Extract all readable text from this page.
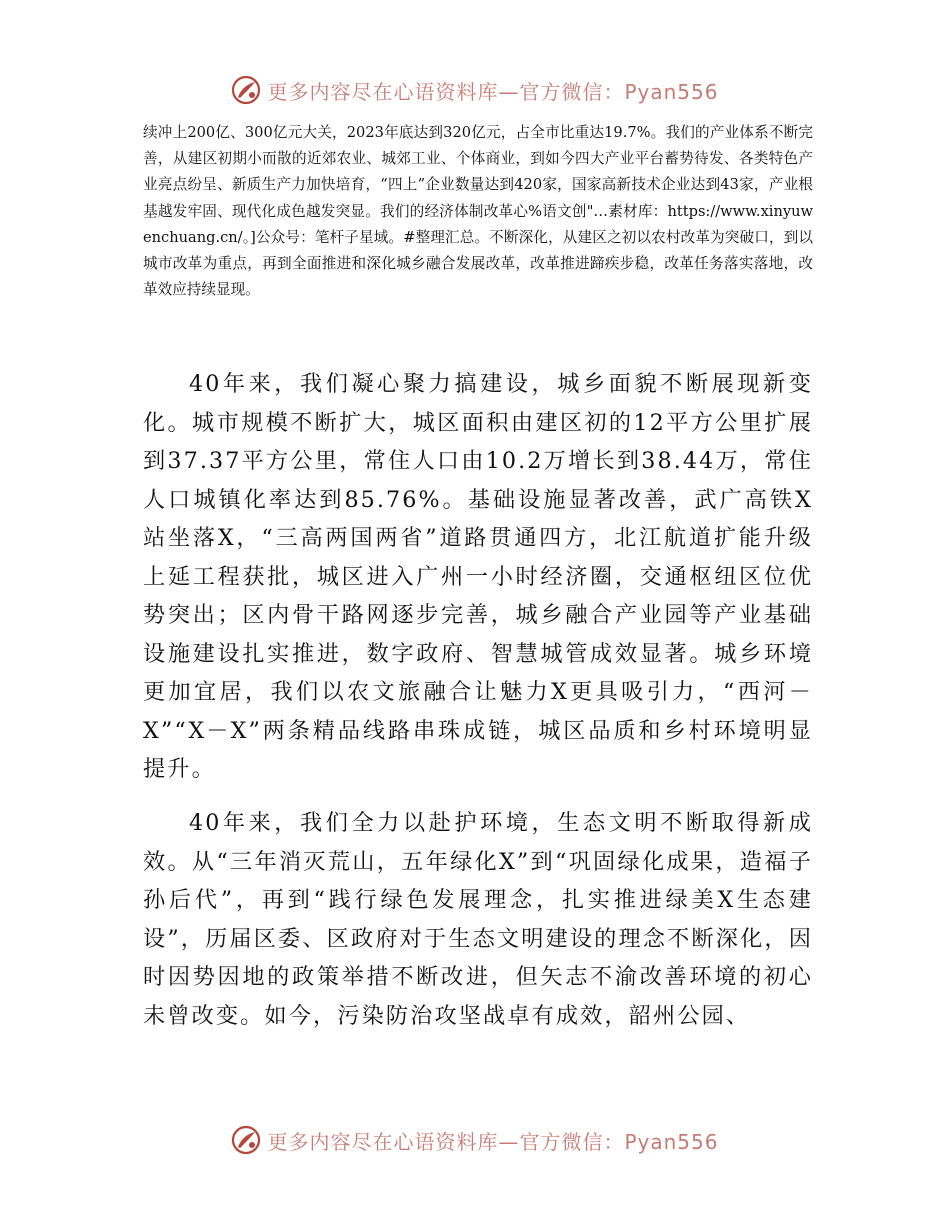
更多内容尽在心语资料库—官方微信：Pyan556

续冲上200亿、300亿元大关，2023年底达到320亿元，占全市比重达19.7%。我们的产业体系不断完善，从建区初期小而散的近郊农业、城郊工业、个体商业，到如今四大产业平台蓄势待发、各类特色产业亮点纷呈、新质生产力加快培育，“四上”企业数量达到420家，国家高新技术企业达到43家，产业根基越发牢固、现代化成色越发突显。我们的经济体制改革心%语文创"…素材库：https://www.xinyuwenchuang.cn/。]公众号：笔杆子星域。#整理汇总。不断深化，从建区之初以农村改革为突破口，到以城市改革为重点，再到全面推进和深化城乡融合发展改革，改革推进蹄疾步稳，改革任务落实落地，改革效应持续显现。

40年来，我们凝心聚力搞建设，城乡面貌不断展现新变化。城市规模不断扩大，城区面积由建区初的12平方公里扩展到37.37平方公里，常住人口由10.2万增长到38.44万，常住人口城镇化率达到85.76%。基础设施显著改善，武广高铁X站坐落X，“三高两国两省”道路贯通四方，北江航道扩能升级上延工程获批，城区进入广州一小时经济圈，交通枢纽区位优势突出；区内骨干路网逐步完善，城乡融合产业园等产业基础设施建设扎实推进，数字政府、智慧城管成效显著。城乡环境更加宜居，我们以农文旅融合让魅力X更具吸引力，“西河－X”“X－X”两条精品线路串珠成链，城区品质和乡村环境明显提升。

40年来，我们全力以赴护环境，生态文明不断取得新成效。从“三年消灭荒山，五年绿化X”到“巩固绿化成果，造福子孙后代”，再到“践行绿色发展理念，扎实推进绿美X生态建设”，历届区委、区政府对于生态文明建设的理念不断深化，因时因势因地的政策举措不断改进，但矢志不渝改善环境的初心未曾改变。如今，污染防治攻坚战卓有成效，韶州公园、

更多内容尽在心语资料库—官方微信：Pyan556
